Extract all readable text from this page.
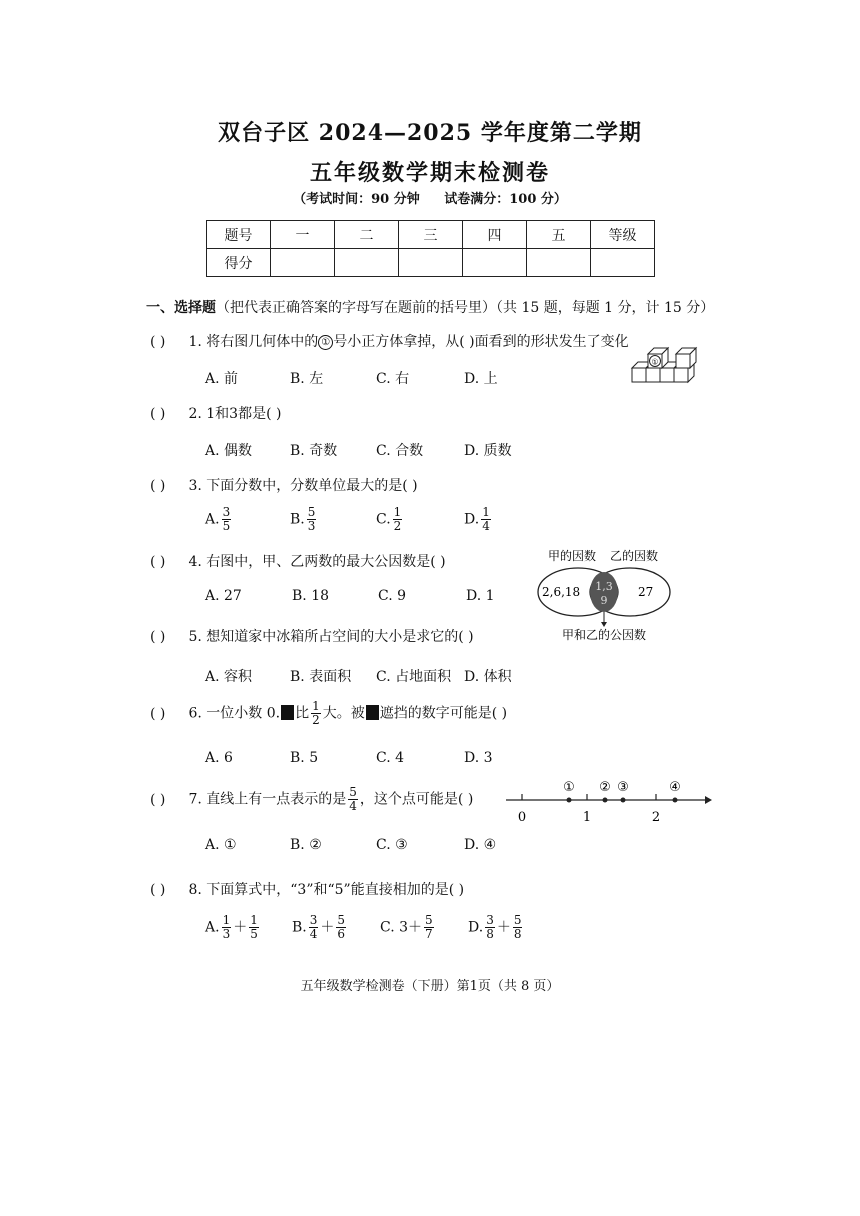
双台子区 2024—2025 学年度第二学期
五年级数学期末检测卷
（考试时间：90 分钟 试卷满分：100 分）
题号	一	二	三	四	五	等级
得分						
一、选择题（把代表正确答案的字母写在题前的括号里）（共 15 题，每题 1 分，计 15 分）
( ) 1. 将右图几何体中的 ① 号小正方体拿掉，从( )面看到的形状发生了变化
A. 前	B. 左	C. 右	D. 上
①
( ) 2. 1和3都是( )
A. 偶数	B. 奇数	C. 合数	D. 质数
( ) 3. 下面分数中，分数单位最大的是( )
A. $\frac{3}{5}$	B. $\frac{5}{3}$	C. $\frac{1}{2}$	D. $\frac{1}{4}$
( ) 4. 右图中，甲、乙两数的最大公因数是( )
A. 27	B. 18	C. 9	D. 1
甲的因数 乙的因数
2,6,18 1,3
9
27
甲和乙的公因数
( ) 5. 想知道家中冰箱所占空间的大小是求它的( )
A. 容积	B. 表面积 C. 占地面积 D. 体积
( ) 6. 一位小数 0. 比 $\frac{1}{2}$ 大。被 遮挡的数字可能是( )
A. 6	B. 5	C. 4	D. 3
( ) 7. 直线上有一点表示的是 $\frac{5}{4}$ ，这个点可能是( )
0	1	2
① ② ③	④
A. ①	B. ②	C. ③	D. ④
( ) 8. 下面算式中，“3”和“5”能直接相加的是( )
A. $\frac{1}{3} + \frac{1}{5} B$. $\frac{3}{4} + \frac{5}{6} C$. $3+ \frac{5}{7} D$. $\frac{3}{8} + \frac{5}{8}$
五年级数学检测卷（下册）第1页（共 8 页）
